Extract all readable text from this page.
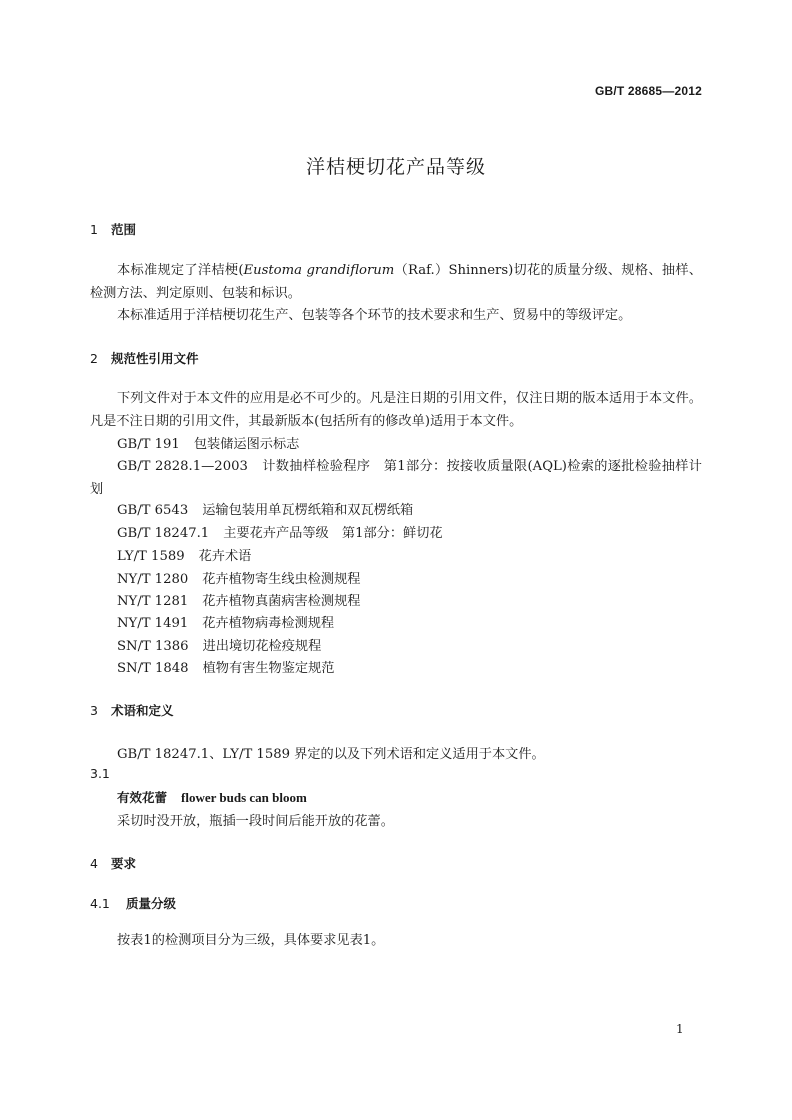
GB/T 28685—2012
洋桔梗切花产品等级
1 范围
本标准规定了洋桔梗(Eustoma grandiflorum（Raf.）Shinners)切花的质量分级、规格、抽样、检测方法、判定原则、包装和标识。
本标准适用于洋桔梗切花生产、包装等各个环节的技术要求和生产、贸易中的等级评定。
2 规范性引用文件
下列文件对于本文件的应用是必不可少的。凡是注日期的引用文件，仅注日期的版本适用于本文件。凡是不注日期的引用文件，其最新版本(包括所有的修改单)适用于本文件。
GB/T 191 包装储运图示标志
GB/T 2828.1—2003 计数抽样检验程序　第1部分：按接收质量限(AQL)检索的逐批检验抽样计划
GB/T 6543 运输包装用单瓦楞纸箱和双瓦楞纸箱
GB/T 18247.1 主要花卉产品等级　第1部分：鲜切花
LY/T 1589 花卉术语
NY/T 1280 花卉植物寄生线虫检测规程
NY/T 1281 花卉植物真菌病害检测规程
NY/T 1491 花卉植物病毒检测规程
SN/T 1386 进出境切花检疫规程
SN/T 1848 植物有害生物鉴定规范
3 术语和定义
GB/T 18247.1、LY/T 1589 界定的以及下列术语和定义适用于本文件。
3.1
有效花蕾 flower buds can bloom
采切时没开放，瓶插一段时间后能开放的花蕾。
4 要求
4.1 质量分级
按表1的检测项目分为三级，具体要求见表1。
1
